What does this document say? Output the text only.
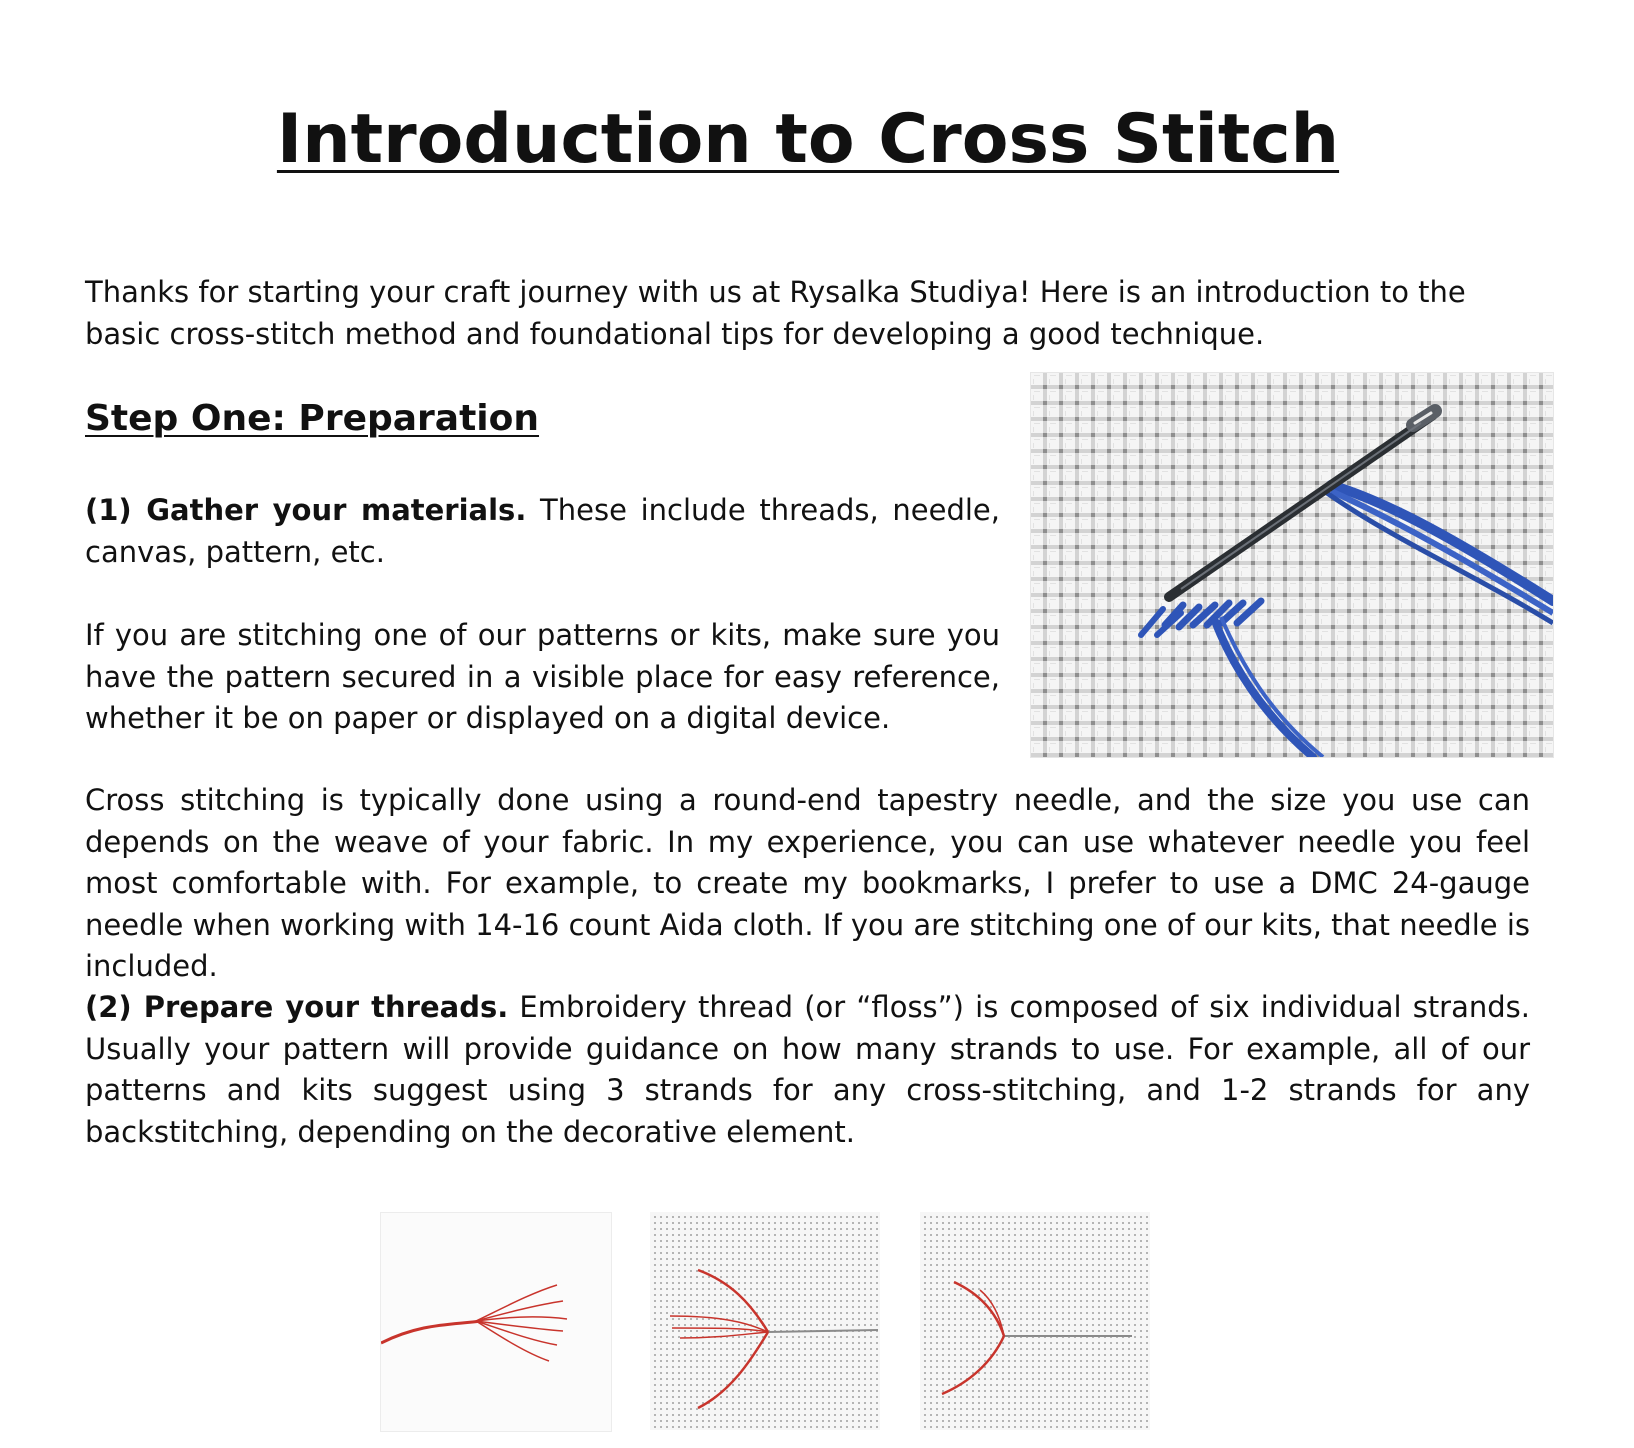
Introduction to Cross Stitch

Thanks for starting your craft journey with us at Rysalka Studiya! Here is an introduction to the basic cross-stitch method and foundational tips for developing a good technique.

Step One: Preparation

(1) Gather your materials. These include threads, needle, canvas, pattern, etc.

If you are stitching one of our patterns or kits, make sure you have the pattern secured in a visible place for easy reference, whether it be on paper or displayed on a digital device.

Cross stitching is typically done using a round-end tapestry needle, and the size you use can depends on the weave of your fabric. In my experience, you can use whatever needle you feel most comfortable with. For example, to create my bookmarks, I prefer to use a DMC 24-gauge needle when working with 14-16 count Aida cloth. If you are stitching one of our kits, that needle is included.

(2) Prepare your threads. Embroidery thread (or “floss”) is composed of six individual strands. Usually your pattern will provide guidance on how many strands to use. For example, all of our patterns and kits suggest using 3 strands for any cross-stitching, and 1-2 strands for any backstitching, depending on the decorative element.
